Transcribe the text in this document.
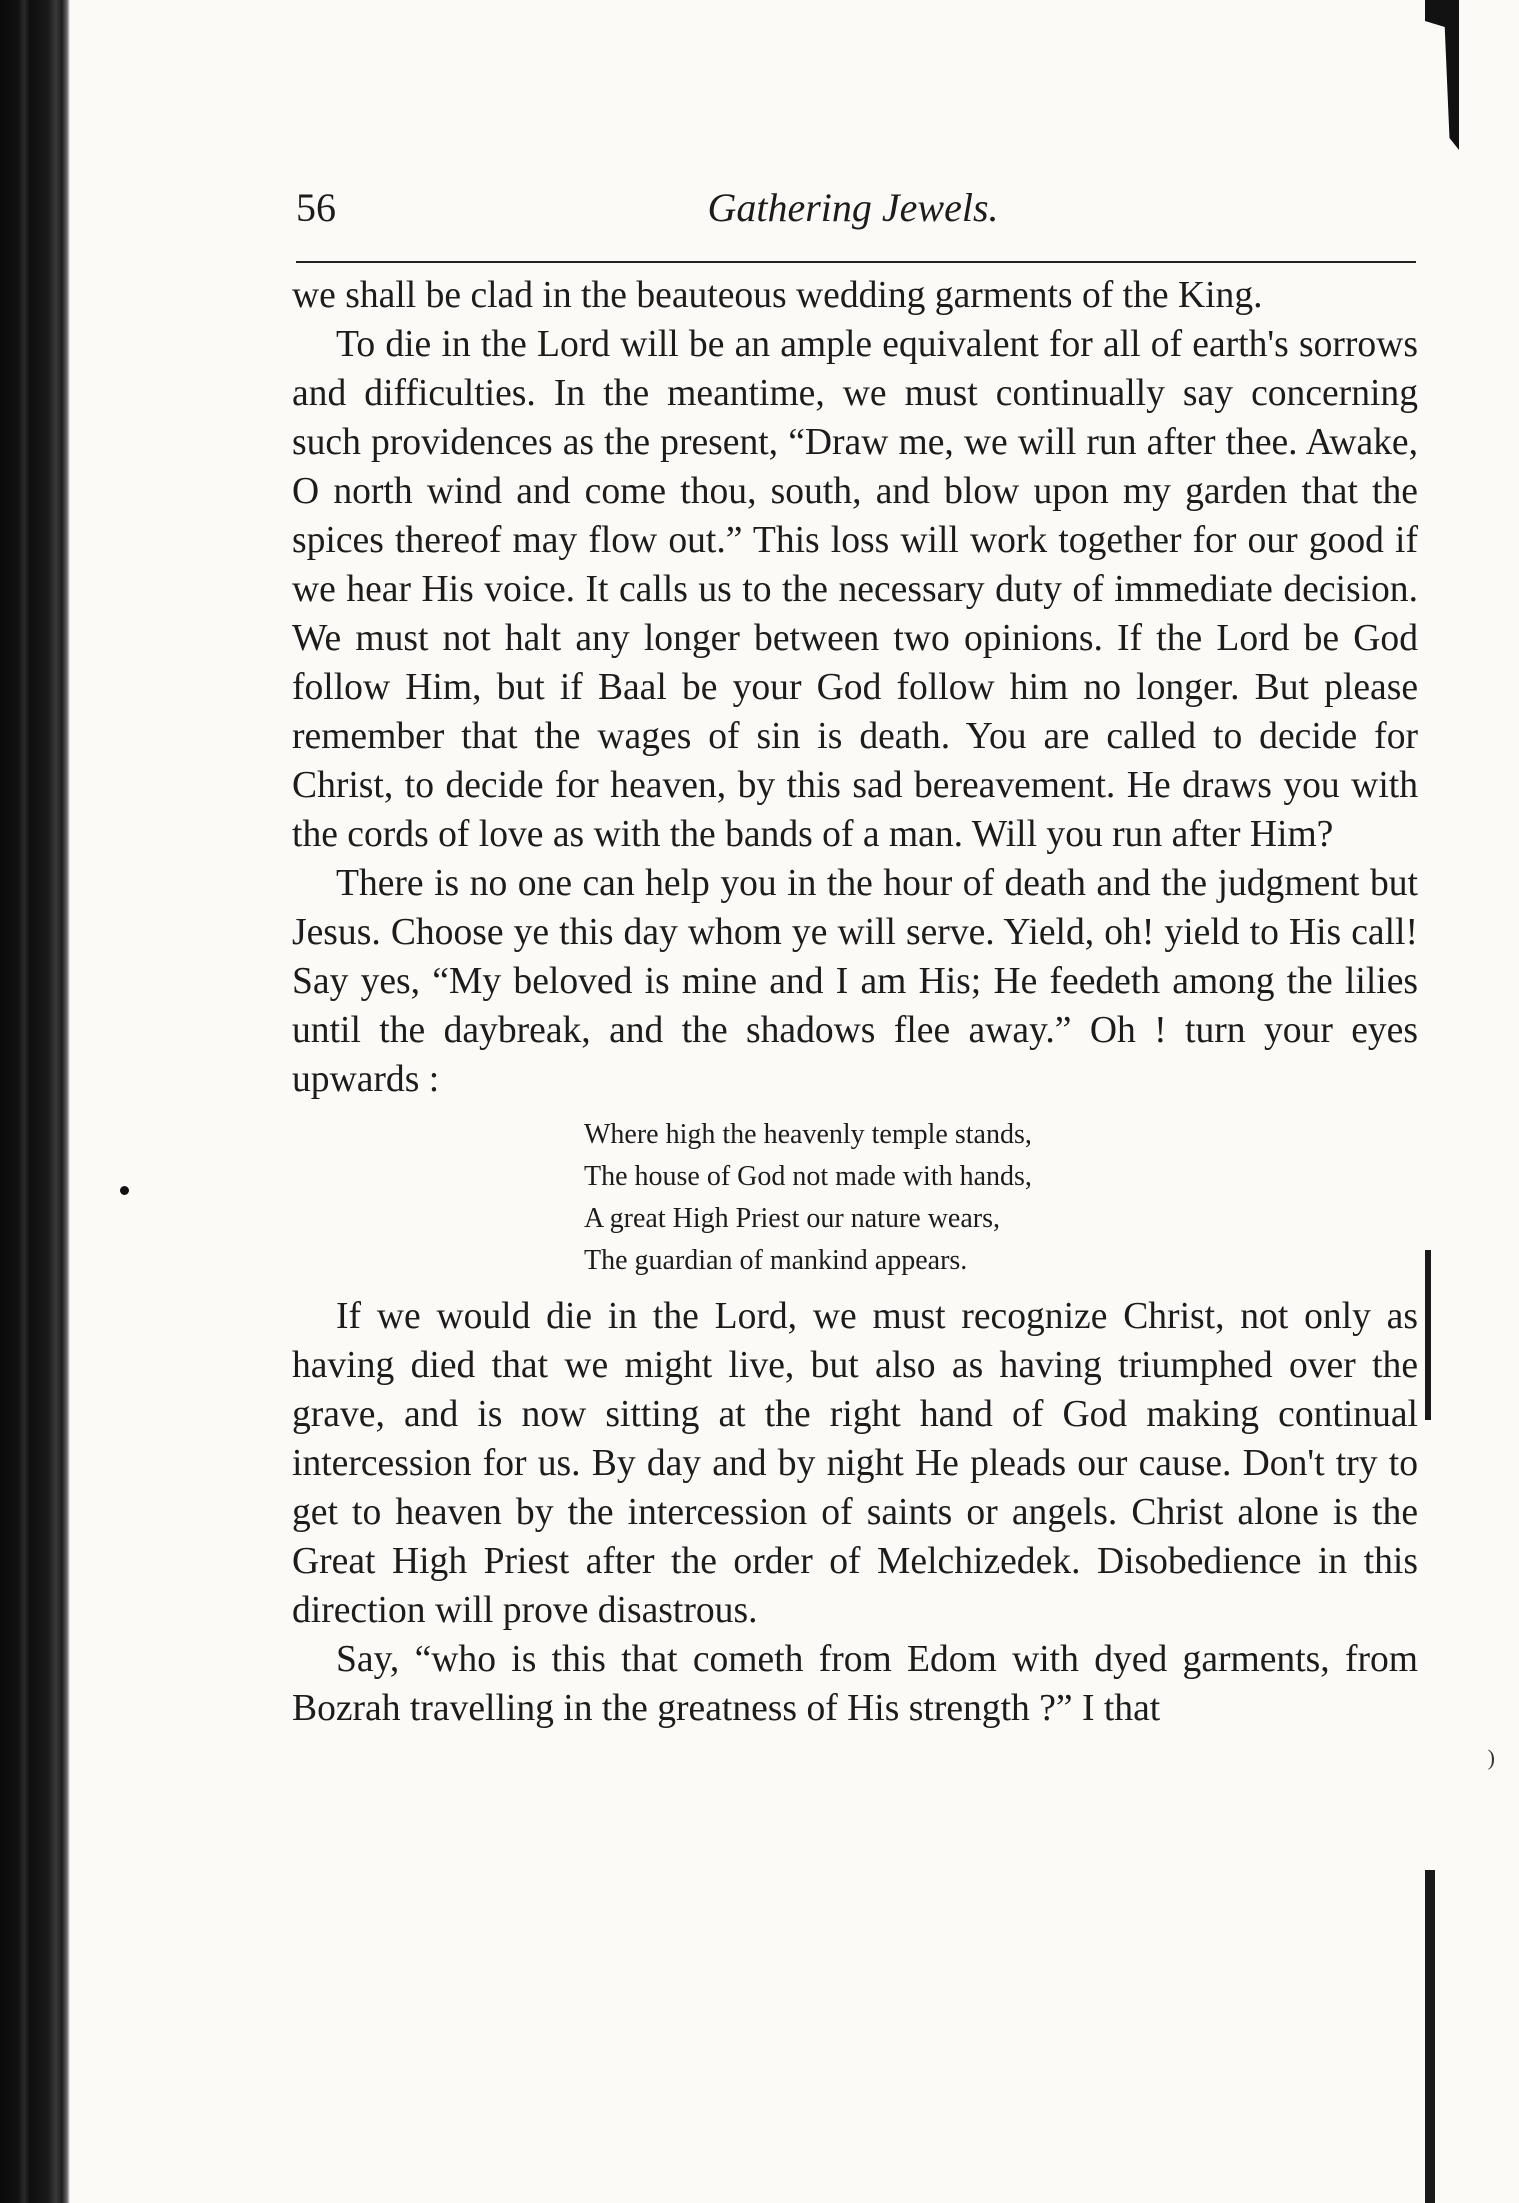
)
56	Gathering Jewels.

we shall be clad in the beauteous wedding garments of the King.

To die in the Lord will be an ample equivalent for all of earth's sorrows and difficulties. In the meantime, we must continually say concerning such providences as the present, “Draw me, we will run after thee. Awake, O north wind and come thou, south, and blow upon my garden that the spices thereof may flow out.” This loss will work together for our good if we hear His voice. It calls us to the necessary duty of immediate decision. We must not halt any longer between two opinions. If the Lord be God follow Him, but if Baal be your God follow him no longer. But please remember that the wages of sin is death. You are called to decide for Christ, to decide for heaven, by this sad bereavement. He draws you with the cords of love as with the bands of a man. Will you run after Him?

There is no one can help you in the hour of death and the judgment but Jesus. Choose ye this day whom ye will serve. Yield, oh! yield to His call! Say yes, “My beloved is mine and I am His; He feedeth among the lilies until the daybreak, and the shadows flee away.” Oh ! turn your eyes upwards :

Where high the heavenly temple stands,
The house of God not made with hands,
A great High Priest our nature wears,
The guardian of mankind appears.

If we would die in the Lord, we must recognize Christ, not only as having died that we might live, but also as having triumphed over the grave, and is now sitting at the right hand of God making continual intercession for us. By day and by night He pleads our cause. Don't try to get to heaven by the intercession of saints or angels. Christ alone is the Great High Priest after the order of Melchizedek. Disobedience in this direction will prove disastrous.

Say, “who is this that cometh from Edom with dyed garments, from Bozrah travelling in the greatness of His strength ?” I that
